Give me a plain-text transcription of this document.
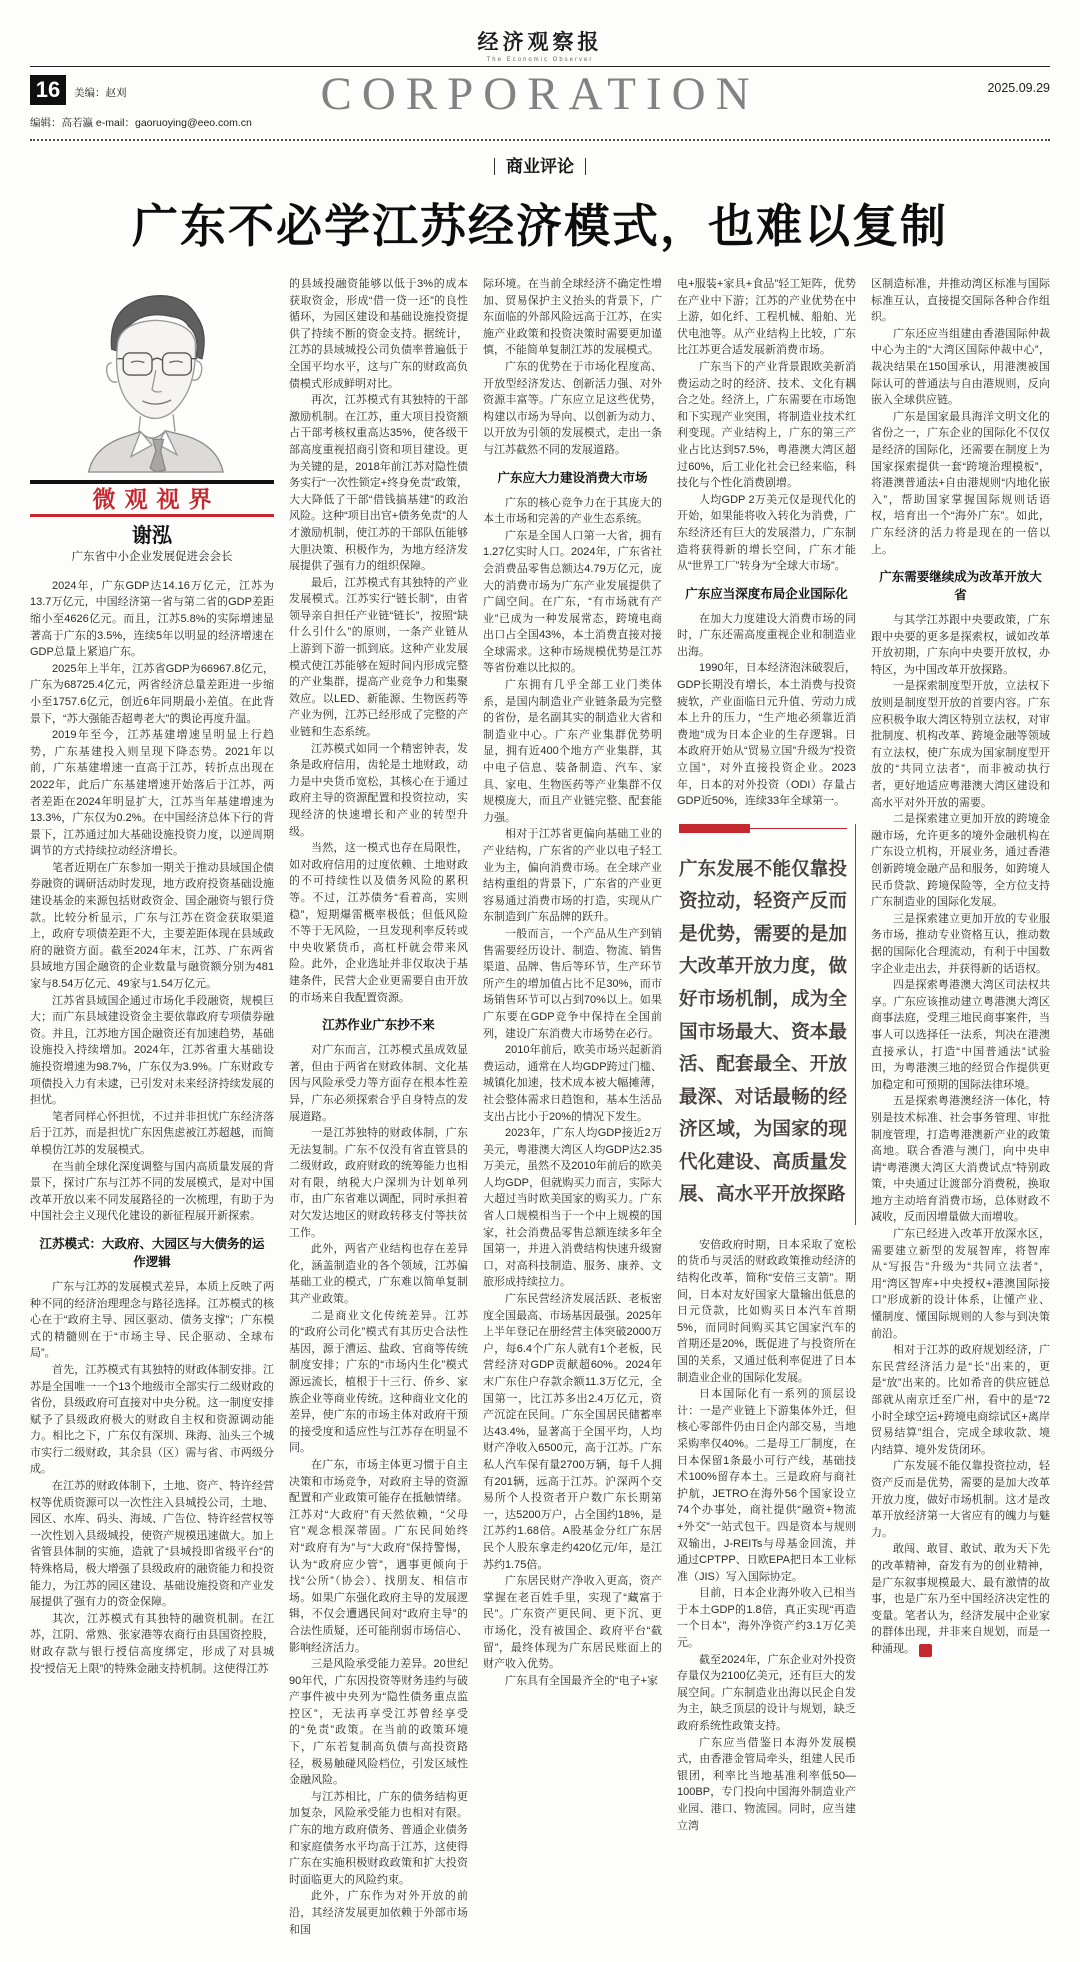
经济观察报
The Economic Observer
16	美编：赵刈
编辑：高若瀛 e-mail：gaoruoying@eeo.com.cn
CORPORATION	2025.09.29
商业评论
广东不必学江苏经济模式，也难以复制
微观视界
谢泓
广东省中小企业发展促进会会长

2024年，广东GDP达14.16万亿元，江苏为13.7万亿元，中国经济第一省与第二省的GDP差距缩小至4626亿元。而且，江苏5.8%的实际增速显著高于广东的3.5%，连续5年以明显的经济增速在GDP总量上紧追广东。

2025年上半年，江苏省GDP为66967.8亿元，广东为68725.4亿元，两省经济总量差距进一步缩小至1757.6亿元，创近6年同期最小差值。在此背景下，“苏大强能否超粤老大”的舆论再度升温。

2019年至今，江苏基建增速呈明显上行趋势，广东基建投入则呈现下降态势。2021年以前，广东基建增速一直高于江苏，转折点出现在2022年，此后广东基建增速开始落后于江苏，两者差距在2024年明显扩大，江苏当年基建增速为13.3%，广东仅为0.2%。在中国经济总体下行的背景下，江苏通过加大基础设施投资力度，以逆周期调节的方式持续拉动经济增长。

笔者近期在广东参加一期关于推动县域国企债券融资的调研活动时发现，地方政府投资基础设施建设基金的来源包括财政资金、国企融资与银行贷款。比较分析显示，广东与江苏在资金获取渠道上，政府专项债差距不大，主要差距体现在县域政府的融资方面。截至2024年末，江苏、广东两省县域地方国企融资的企业数量与融资额分别为481家与8.54万亿元、49家与1.54万亿元。

江苏省县域国企通过市场化手段融资，规模巨大；而广东县域建设资金主要依靠政府专项债券融资。并且，江苏地方国企融资还有加速趋势，基础设施投入持续增加。2024年，江苏省重大基础设施投资增速为98.7%，广东仅为3.9%。广东财政专项债投入力有未逮，已引发对未来经济持续发展的担忧。

笔者同样心怀担忧，不过并非担忧广东经济落后于江苏，而是担忧广东因焦虑被江苏超越，而简单模仿江苏的发展模式。

在当前全球化深度调整与国内高质量发展的背景下，探讨广东与江苏不同的发展模式，是对中国改革开放以来不同发展路径的一次梳理，有助于为中国社会主义现代化建设的新征程展开新探索。

江苏模式：大政府、大园区与大债务的运作逻辑

广东与江苏的发展模式差异，本质上反映了两种不同的经济治理理念与路径选择。江苏模式的核心在于“政府主导、园区驱动、债务支撑”；广东模式的精髓则在于“市场主导、民企驱动、全球布局”。

首先，江苏模式有其独特的财政体制安排。江苏是全国唯一一个13个地级市全部实行二级财政的省份，县级政府可直接对中央分税。这一制度安排赋予了县级政府极大的财政自主权和资源调动能力。相比之下，广东仅有深圳、珠海、汕头三个城市实行二级财政，其余县（区）需与省、市两级分成。

在江苏的财政体制下，土地、资产、特许经营权等优质资源可以一次性注入县城投公司，土地、园区、水库、码头、海域、广告位、特许经营权等一次性划入县级城投，使资产规模迅速做大。加上省管县体制的实施，造就了“县城投即省级平台”的特殊格局，极大增强了县级政府的融资能力和投资能力，为江苏的园区建设、基础设施投资和产业发展提供了强有力的资金保障。

其次，江苏模式有其独特的融资机制。在江苏，江阴、常熟、张家港等农商行由县国资控股，财政存款与银行授信高度绑定，形成了对县城投“授信无上限”的特殊金融支持机制。这使得江苏

的县域投融资能够以低于3%的成本获取资金，形成“借一贷一还”的良性循环，为园区建设和基础设施投资提供了持续不断的资金支持。据统计，江苏的县域城投公司负债率普遍低于全国平均水平，这与广东的财政高负债模式形成鲜明对比。

再次，江苏模式有其独特的干部激励机制。在江苏，重大项目投资额占干部考核权重高达35%，使各级干部高度重视招商引资和项目建设。更为关键的是，2018年前江苏对隐性债务实行“一次性锁定+终身免责”政策，大大降低了干部“借钱搞基建”的政治风险。这种“项目出官+债务免责”的人才激励机制，使江苏的干部队伍能够大胆决策、积极作为，为地方经济发展提供了强有力的组织保障。

最后，江苏模式有其独特的产业发展模式。江苏实行“链长制”，由省领导亲自担任产业链“链长”，按照“缺什么引什么”的原则，一条产业链从上游到下游一抓到底。这种产业发展模式使江苏能够在短时间内形成完整的产业集群，提高产业竞争力和集聚效应。以LED、新能源、生物医药等产业为例，江苏已经形成了完整的产业链和生态系统。

江苏模式如同一个精密钟表，发条是政府信用，齿轮是土地财政，动力是中央货币宽松，其核心在于通过政府主导的资源配置和投资拉动，实现经济的快速增长和产业的转型升级。

当然，这一模式也存在局限性，如对政府信用的过度依赖、土地财政的不可持续性以及债务风险的累积等。不过，江苏债务“看着高，实则稳”，短期爆雷概率极低；但低风险不等于无风险，一旦发现利率反转或中央收紧货币，高杠杆就会带来风险。此外，企业选址并非仅取决于基建条件，民营大企业更需要自由开放的市场来自我配置资源。

江苏作业广东抄不来

对广东而言，江苏模式虽成效显著，但由于两省在财政体制、文化基因与风险承受力等方面存在根本性差异，广东必须探索合乎自身特点的发展道路。

一是江苏独特的财政体制，广东无法复制。广东不仅没有省直管县的二级财政，政府财政的统筹能力也相对有限，纳税大户深圳为计划单列市，由广东省难以调配，同时承担着对欠发达地区的财政转移支付等扶贫工作。

此外，两省产业结构也存在差异化，涵盖制造业的各个领域，江苏偏基础工业的模式，广东难以简单复制其产业政策。

二是商业文化传统差异。江苏的“政府公司化”模式有其历史合法性基因，源于漕运、盐政、官商等传统制度安排；广东的“市场内生化”模式源远流长，植根于十三行、侨乡、家族企业等商业传统。这种商业文化的差异，使广东的市场主体对政府干预的接受度和适应性与江苏存在明显不同。

在广东，市场主体更习惯于自主决策和市场竞争，对政府主导的资源配置和产业政策可能存在抵触情绪。江苏对“大政府”有天然依赖，“父母官”观念根深蒂固。广东民间始终对“政府有为”与“大政府”保持警惕，认为“政府应少管”，遇事更倾向于找“公所”（协会）、找朋友、相信市场。如果广东强化政府主导的发展逻辑，不仅会遭遇民间对“政府主导”的合法性质疑，还可能削弱市场信心、影响经济活力。

三是风险承受能力差异。20世纪90年代，广东因投资等财务违约与破产事件被中央列为“隐性债务重点监控区”，无法再享受江苏曾经享受的“免责”政策。在当前的政策环境下，广东若复制高负债与高投资路径，极易触碰风险档位，引发区域性金融风险。

与江苏相比，广东的债务结构更加复杂，风险承受能力也相对有限。广东的地方政府债务、普通企业债务和家庭债务水平均高于江苏，这使得广东在实施积极财政政策和扩大投资时面临更大的风险约束。

此外，广东作为对外开放的前沿，其经济发展更加依赖于外部市场和国

际环境。在当前全球经济不确定性增加、贸易保护主义抬头的背景下，广东面临的外部风险远高于江苏，在实施产业政策和投资决策时需要更加谨慎，不能简单复制江苏的发展模式。

广东的优势在于市场化程度高、开放型经济发达、创新活力强、对外资源丰富等。广东应立足这些优势，构建以市场为导向、以创新为动力、以开放为引领的发展模式，走出一条与江苏截然不同的发展道路。

广东应大力建设消费大市场

广东的核心竞争力在于其庞大的本土市场和完善的产业生态系统。

广东是全国人口第一大省，拥有1.27亿实时人口。2024年，广东省社会消费品零售总额达4.79万亿元，庞大的消费市场为广东产业发展提供了广阔空间。在广东，“有市场就有产业”已成为一种发展常态，跨境电商出口占全国43%，本土消费直接对接全球需求。这种市场规模优势是江苏等省份难以比拟的。

广东拥有几乎全部工业门类体系，是国内制造业产业链条最为完整的省份，是名副其实的制造业大省和制造业中心。广东产业集群优势明显，拥有近400个地方产业集群，其中电子信息、装备制造、汽车、家具、家电、生物医药等产业集群不仅规模庞大，而且产业链完整、配套能力强。

相对于江苏省更偏向基础工业的产业结构，广东省的产业以电子轻工业为主，偏向消费市场。在全球产业结构重组的背景下，广东省的产业更容易通过消费市场的打造，实现从广东制造到广东品牌的跃升。

一般而言，一个产品从生产到销售需要经历设计、制造、物流、销售渠道、品牌、售后等环节，生产环节所产生的增加值占比不足30%，而市场销售环节可以占到70%以上。如果广东要在GDP竞争中保持在全国前列，建设广东消费大市场势在必行。

2010年前后，欧美市场兴起新消费运动，通常在人均GDP跨过门槛、城镇化加速，技术成本被大幅摊薄，社会整体需求日趋饱和，基本生活品支出占比小于20%的情况下发生。

2023年，广东人均GDP接近2万美元，粤港澳大湾区人均GDP达2.35万美元，虽然不及2010年前后的欧美人均GDP，但就购买力而言，实际大大超过当时欧美国家的购买力。广东省人口规模相当于一个中上规模的国家，社会消费品零售总额连续多年全国第一，并进入消费结构快速升级窗口，对高科技制造、服务、康养、文旅形成持续拉力。

广东民营经济发展活跃、老板密度全国最高、市场基因最强。2025年上半年登记在册经营主体突破2000万户，每6.4个广东人就有1个老板，民营经济对GDP贡献超60%。2024年末广东住户存款余额11.3万亿元，全国第一，比江苏多出2.4万亿元，资产沉淀在民间。广东全国居民储蓄率达43.4%，显著高于全国平均，人均财产净收入6500元，高于江苏。广东私人汽车保有量2700万辆，每千人拥有201辆，远高于江苏。沪深两个交易所个人投资者开户数广东长期第一，达5200万户，占全国约18%，是江苏约1.68倍。A股基金分红广东居民个人股东拿走约420亿元/年，是江苏约1.75倍。

广东居民财产净收入更高，资产掌握在老百姓手里，实现了“藏富于民”。广东资产更民间、更下沉、更市场化，没有被国企、政府平台“截留”，最终体现为广东居民账面上的财产收入优势。

广东具有全国最齐全的“电子+家

电+服装+家具+食品”轻工矩阵，优势在产业中下游；江苏的产业优势在中上游，如化纤、工程机械、船舶、光伏电池等。从产业结构上比较，广东比江苏更合适发展新消费市场。

广东当下的产业背景跟欧美新消费运动之时的经济、技术、文化有耦合之处。经济上，广东需要在市场饱和下实现产业突围，将制造业技术红利变现。产业结构上，广东的第三产业占比达到57.5%，粤港澳大湾区超过60%，后工业化社会已经来临，科技化与个性化消费剧增。

人均GDP 2万美元仅是现代化的开始，如果能将收入转化为消费，广东经济还有巨大的发展潜力，广东制造将获得新的增长空间，广东才能从“世界工厂”转身为“全球大市场”。

广东应当深度布局企业国际化

在加大力度建设大消费市场的同时，广东还需高度重视企业和制造业出海。

1990年，日本经济泡沫破裂后，GDP长期没有增长，本土消费与投资疲软，产业面临日元升值、劳动力成本上升的压力，“生产地必须靠近消费地”成为日本企业的生存逻辑。日本政府开始从“贸易立国”升级为“投资立国”，对外直接投资企业。2023年，日本的对外投资（ODI）存量占GDP近50%，连续33年全球第一。

广东发展不能仅靠投资拉动，轻资产反而是优势，需要的是加大改革开放力度，做好市场机制，成为全国市场最大、资本最活、配套最全、开放最深、对话最畅的经济区域，为国家的现代化建设、高质量发展、高水平开放探路

安倍政府时期，日本采取了宽松的货币与灵活的财政政策推动经济的结构化改革，简称“安倍三支箭”。期间，日本对友好国家大量输出低息的日元贷款，比如购买日本汽车首期5%，而同时间购买其它国家汽车的首期还是20%，既促进了与投资所在国的关系，又通过低利率促进了日本制造业企业的国际化发展。

日本国际化有一系列的顶层设计：一是产业链上下游集体外迁，但核心零部件仍由日企内部交易，当地采购率仅40%。二是母工厂制度，在日本保留1条最小可行产线，基础技术100%留存本土。三是政府与商社护航，JETRO在海外56个国家设立74个办事处，商社提供“融资+物流+外交”一站式包干。四是资本与规则双输出，J-REITs与母基金回流，并通过CPTPP、日欧EPA把日本工业标准（JIS）写入国际协定。

目前，日本企业海外收入已相当于本土GDP的1.8倍，真正实现“再造一个日本”，海外净资产约3.1万亿美元。

截至2024年，广东企业对外投资存量仅为2100亿美元，还有巨大的发展空间。广东制造业出海以民企自发为主，缺乏顶层的设计与规划，缺乏政府系统性政策支持。

广东应当借鉴日本海外发展模式，由香港金管局牵头，组建人民币银团，利率比当地基准利率低50—100BP，专门投向中国海外制造业产业园、港口、物流园。同时，应当建立湾

区制造标准，并推动湾区标准与国际标准互认，直接提交国际各种合作组织。

广东还应当组建由香港国际仲裁中心为主的“大湾区国际仲裁中心”，裁决结果在150国承认，用港澳被国际认可的普通法与自由港规则，反向嵌入全球供应链。

广东是国家最具海洋文明文化的省份之一，广东企业的国际化不仅仅是经济的国际化，还需要在制度上为国家探索提供一套“跨境治理模板”，将港澳普通法+自由港规则“内地化嵌入”，帮助国家掌握国际规则话语权，培育出一个“海外广东”。如此，广东经济的活力将是现在的一倍以上。

广东需要继续成为改革开放大省

与其学江苏跟中央要政策，广东跟中央要的更多是探索权，诚如改革开放初期，广东向中央要开放权，办特区，为中国改革开放探路。

一是探索制度型开放，立法权下放则是制度型开放的首要内容。广东应积极争取大湾区特别立法权，对审批制度、机构改革、跨境金融等领域有立法权，使广东成为国家制度型开放的“共同立法者”，而非被动执行者，更好地适应粤港澳大湾区建设和高水平对外开放的需要。

二是探索建立更加开放的跨境金融市场，允许更多的境外金融机构在广东设立机构，开展业务，通过香港创新跨境金融产品和服务，如跨境人民币贷款、跨境保险等，全方位支持广东制造业的国际化发展。

三是探索建立更加开放的专业服务市场，推动专业资格互认，推动数据的国际化合理流动，有利于中国数字企业走出去，并获得新的话语权。

四是探索粤港澳大湾区司法权共享。广东应该推动建立粤港澳大湾区商事法庭，受理三地民商事案件，当事人可以选择任一法系，判决在港澳直接承认，打造“中国普通法”试验田，为粤港澳三地的经贸合作提供更加稳定和可预期的国际法律环境。

五是探索粤港澳经济一体化，特别是技术标准、社会事务管理、审批制度管理，打造粤港澳新产业的政策高地。联合香港与澳门，向中央申请“粤港澳大湾区大消费试点”特别政策，中央通过让渡部分消费税，换取地方主动培育消费市场，总体财政不减收，反而因增量做大而增收。

广东已经进入改革开放深水区，需要建立新型的发展智库，将智库从“写报告”升级为“共同立法者”，用“湾区智库+中央授权+港澳国际接口”形成新的设计体系，让懂产业、懂制度、懂国际规则的人参与到决策前沿。

相对于江苏的政府规划经济，广东民营经济活力是“长”出来的，更是“放”出来的。比如希音的供应链总部就从南京迁至广州，看中的是“72小时全球空运+跨境电商综试区+离岸贸易结算”组合，完成全球收款、境内结算、境外发货闭环。

广东发展不能仅靠投资拉动，轻资产反而是优势，需要的是加大改革开放力度，做好市场机制。这才是改革开放经济第一大省应有的魄力与魅力。

敢闯、敢冒、敢试、敢为天下先的改革精神，奋发有为的创业精神，是广东叙事规模最大、最有激情的故事，也是广东乃至中国经济决定性的变量。笔者认为，经济发展中企业家的群体出现，并非来自规划，而是一种涌现。	e
